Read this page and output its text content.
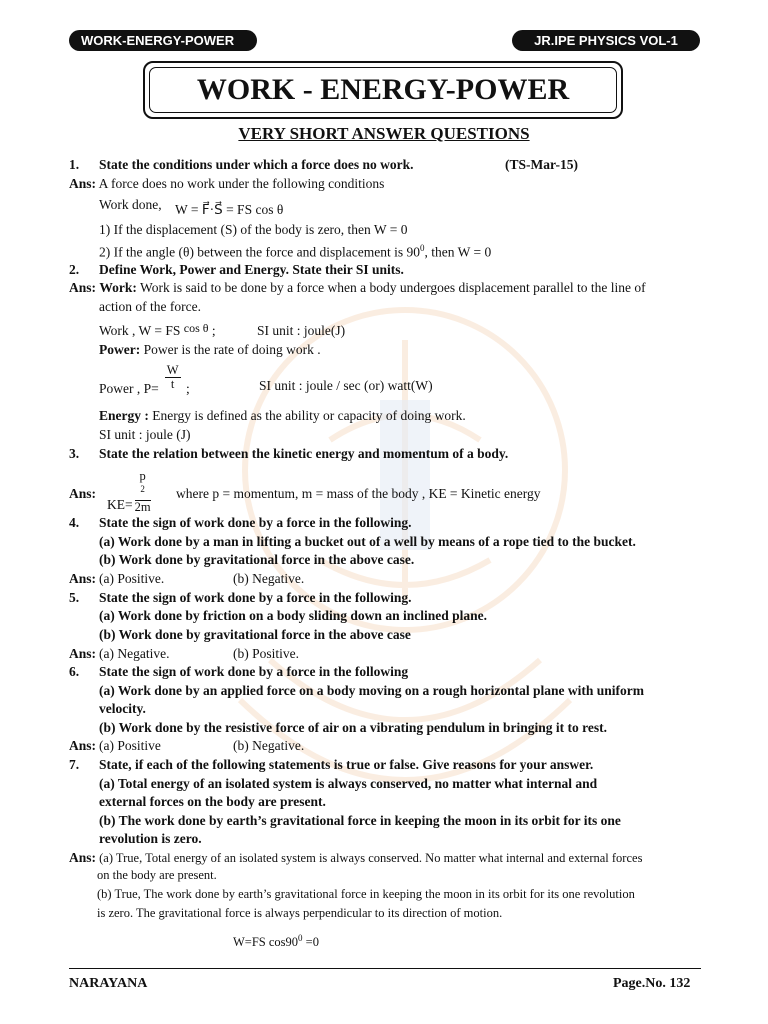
WORK-ENERGY-POWER	JR.IPE PHYSICS VOL-1
WORK - ENERGY-POWER
VERY SHORT ANSWER QUESTIONS
1. State the conditions under which a force does no work.	(TS-Mar-15)
Ans: A force does no work under the following conditions
Work done, W = F⃗·S⃗ = FS cos θ
1) If the displacement (S) of the body is zero, then W = 0
2) If the angle (θ) between the force and displacement is $90^0$, then W = 0
2. Define Work, Power and Energy. State their SI units.
Ans: Work: Work is said to be done by a force when a body undergoes displacement parallel to the line of
action of the force.
Work , W = FS cos θ ;	SI unit : joule(J)
Power: Power is the rate of doing work .
Power , $P= \frac{W}{t}$ ;	SI unit : joule / sec (or) watt(W)
Energy : Energy is defined as the ability or capacity of doing work.
SI unit : joule (J)
3. State the relation between the kinetic energy and momentum of a body.
Ans:
KE= p
$^2$
2m where p = momentum, m = mass of the body , KE = Kinetic energy
4. State the sign of work done by a force in the following.
(a) Work done by a man in lifting a bucket out of a well by means of a rope tied to the bucket.
(b) Work done by gravitational force in the above case.
Ans: (a) Positive.	(b) Negative.
5. State the sign of work done by a force in the following.
(a) Work done by friction on a body sliding down an inclined plane.
(b) Work done by gravitational force in the above case
Ans: (a) Negative.	(b) Positive.
6. State the sign of work done by a force in the following
(a) Work done by an applied force on a body moving on a rough horizontal plane with uniform
velocity.
(b) Work done by the resistive force of air on a vibrating pendulum in bringing it to rest.
Ans: (a) Positive	(b) Negative.
7. State, if each of the following statements is true or false. Give reasons for your answer.
(a) Total energy of an isolated system is always conserved, no matter what internal and
external forces on the body are present.
(b) The work done by earth’s gravitational force in keeping the moon in its orbit for its one
revolution is zero.
Ans: (a) True, Total energy of an isolated system is always conserved. No matter what internal and external forces
on the body are present.
(b) True, The work done by earth’s gravitational force in keeping the moon in its orbit for its one revolution
is zero. The gravitational force is always perpendicular to its direction of motion.
W=FS $\cos 90^0 =0$
NARAYANA	Page.No. 132
